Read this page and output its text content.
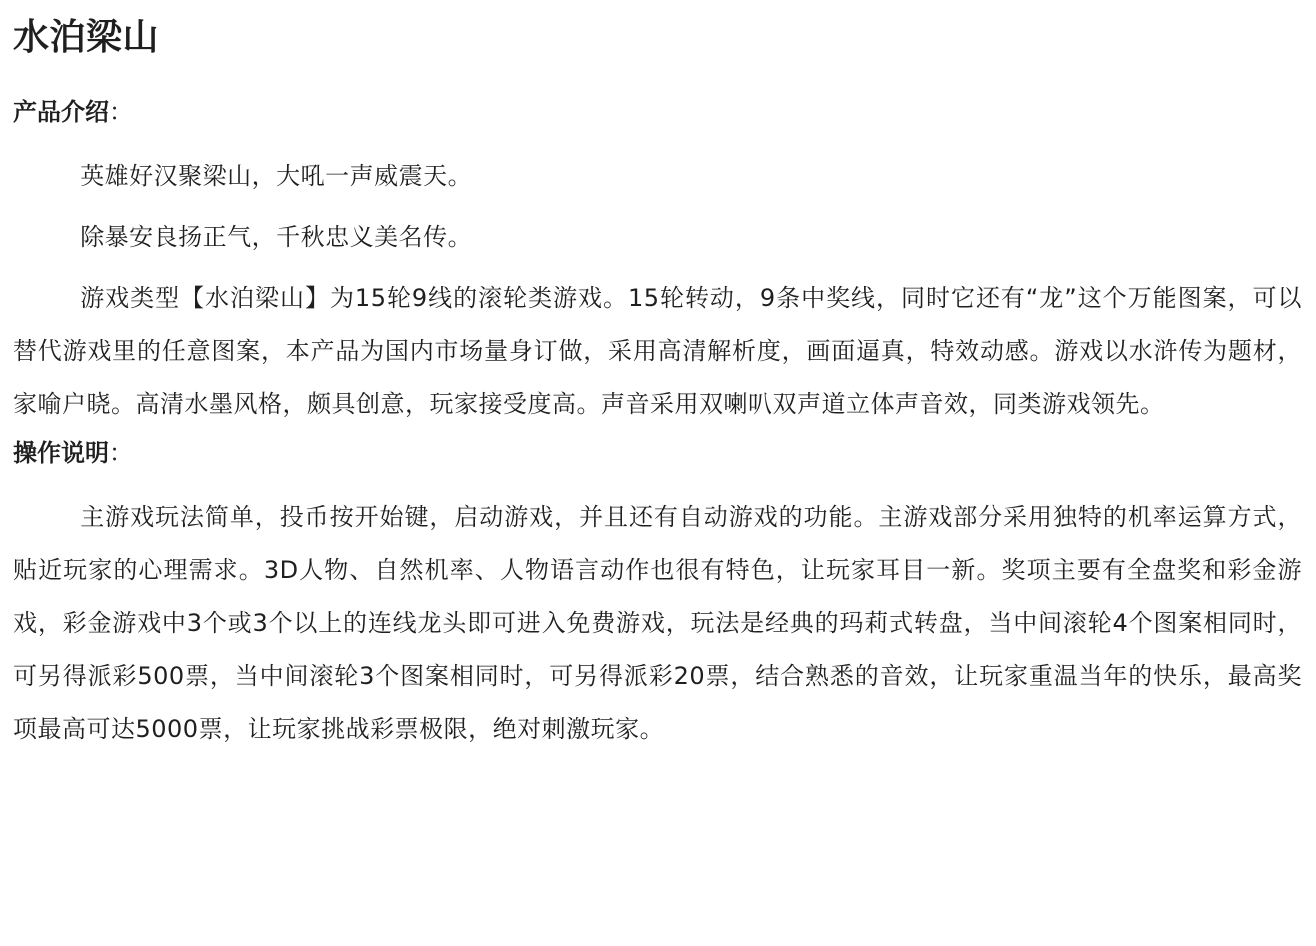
水泊梁山
产品介绍：

英雄好汉聚梁山，大吼一声威震天。

除暴安良扬正气，千秋忠义美名传。

游戏类型【水泊梁山】为15轮9线的滚轮类游戏。15轮转动，9条中奖线，同时它还有“龙”这个万能图案，可以替代游戏里的任意图案，本产品为国内市场量身订做，采用高清解析度，画面逼真，特效动感。游戏以水浒传为题材，家喻户晓。高清水墨风格，颇具创意，玩家接受度高。声音采用双喇叭双声道立体声音效，同类游戏领先。

操作说明：

主游戏玩法简单，投币按开始键，启动游戏，并且还有自动游戏的功能。主游戏部分采用独特的机率运算方式，贴近玩家的心理需求。3D人物、自然机率、人物语言动作也很有特色，让玩家耳目一新。奖项主要有全盘奖和彩金游戏，彩金游戏中3个或3个以上的连线龙头即可进入免费游戏，玩法是经典的玛莉式转盘，当中间滚轮4个图案相同时，可另得派彩500票，当中间滚轮3个图案相同时，可另得派彩20票，结合熟悉的音效，让玩家重温当年的快乐，最高奖项最高可达5000票，让玩家挑战彩票极限，绝对刺激玩家。
